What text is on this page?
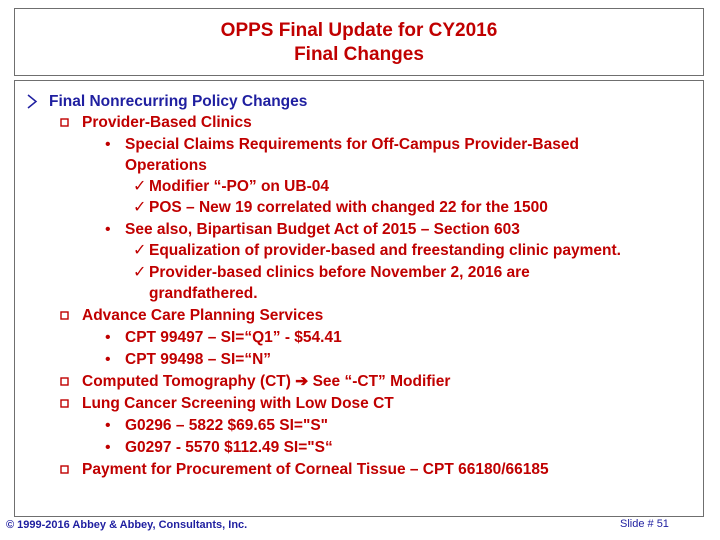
OPPS Final Update for CY2016
Final Changes
Final Nonrecurring Policy Changes
Provider-Based Clinics
• Special Claims Requirements for Off-Campus Provider-Based
Operations
✓ Modifier “-PO” on UB-04
✓ POS – New 19 correlated with changed 22 for the 1500
• See also, Bipartisan Budget Act of 2015 – Section 603
✓ Equalization of provider-based and freestanding clinic payment.
✓ Provider-based clinics before November 2, 2016 are
grandfathered.
Advance Care Planning Services
• CPT 99497 – SI=“Q1” - $54.41
• CPT 99498 – SI=“N”
Computed Tomography (CT) ➔ See “-CT” Modifier
Lung Cancer Screening with Low Dose CT
• G0296 – 5822 $69.65 SI="S"
• G0297 - 5570 $112.49 SI="S“
Payment for Procurement of Corneal Tissue – CPT 66180/66185
© 1999-2016 Abbey & Abbey, Consultants, Inc.	Slide # 51
